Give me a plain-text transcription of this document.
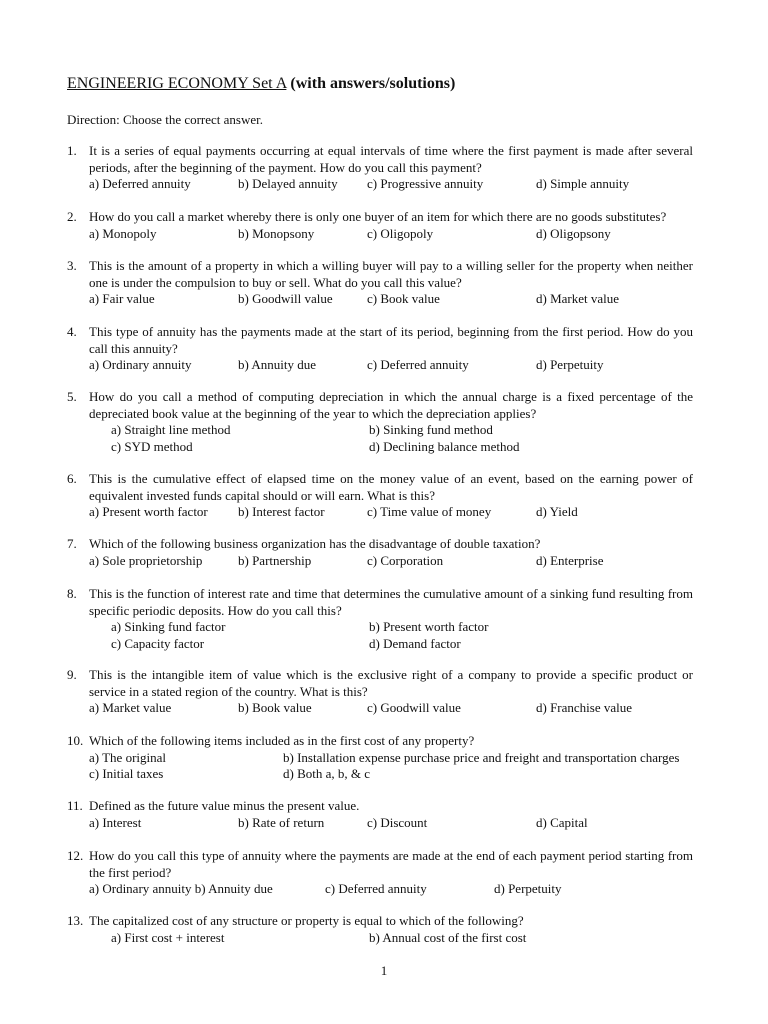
ENGINEERIG ECONOMY Set A (with answers/solutions)
Direction: Choose the correct answer.
1. It is a series of equal payments occurring at equal intervals of time where the first payment is made after several periods, after the beginning of the payment. How do you call this payment?
a) Deferred annuity	b) Delayed annuity c) Progressive annuity	d) Simple annuity
2. How do you call a market whereby there is only one buyer of an item for which there are no goods substitutes?
a) Monopoly	b) Monopsony	c) Oligopoly	d) Oligopsony
3. This is the amount of a property in which a willing buyer will pay to a willing seller for the property when neither one is under the compulsion to buy or sell. What do you call this value?
a) Fair value	b) Goodwill value	c) Book value	d) Market value
4. This type of annuity has the payments made at the start of its period, beginning from the first period. How do you call this annuity?
a) Ordinary annuity	b) Annuity due	c) Deferred annuity	d) Perpetuity
5. How do you call a method of computing depreciation in which the annual charge is a fixed percentage of the depreciated book value at the beginning of the year to which the depreciation applies?
a) Straight line method	b) Sinking fund method
c) SYD method	d) Declining balance method
6. This is the cumulative effect of elapsed time on the money value of an event, based on the earning power of equivalent invested funds capital should or will earn. What is this?
a) Present worth factor b) Interest factor	c) Time value of money	d) Yield
7. Which of the following business organization has the disadvantage of double taxation?
a) Sole proprietorship	b) Partnership	c) Corporation	d) Enterprise
8. This is the function of interest rate and time that determines the cumulative amount of a sinking fund resulting from specific periodic deposits. How do you call this?
a) Sinking fund factor	b) Present worth factor
c) Capacity factor	d) Demand factor
9. This is the intangible item of value which is the exclusive right of a company to provide a specific product or service in a stated region of the country. What is this?
a) Market value	b) Book value	c) Goodwill value	d) Franchise value
10. Which of the following items included as in the first cost of any property?
a) The original	b) Installation expense purchase price and freight and transportation charges
c) Initial taxes	d) Both a, b, & c
11. Defined as the future value minus the present value.
a) Interest	b) Rate of return	c) Discount	d) Capital
12. How do you call this type of annuity where the payments are made at the end of each payment period starting from the first period?
a) Ordinary annuity b) Annuity due	c) Deferred annuity	d) Perpetuity
13. The capitalized cost of any structure or property is equal to which of the following?
a) First cost + interest	b) Annual cost of the first cost
1
